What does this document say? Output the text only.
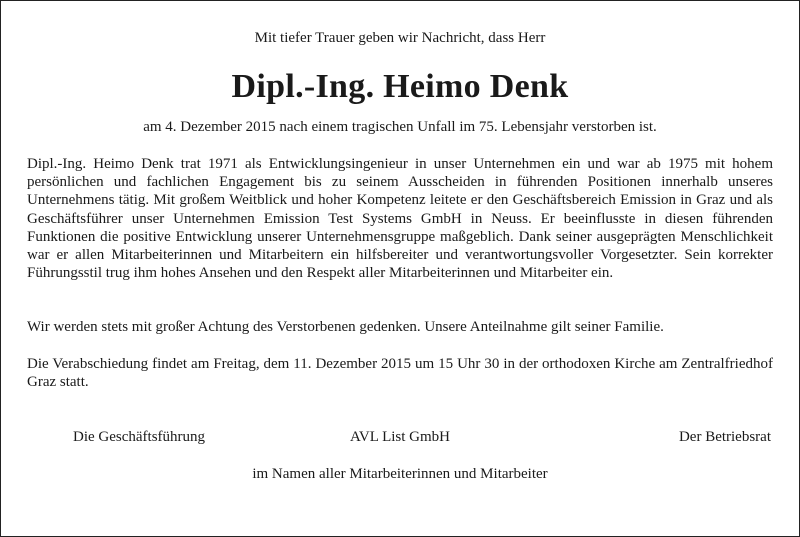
Mit tiefer Trauer geben wir Nachricht, dass Herr
Dipl.-Ing. Heimo Denk
am 4. Dezember 2015 nach einem tragischen Unfall im 75. Lebensjahr verstorben ist.

Dipl.-Ing. Heimo Denk trat 1971 als Entwicklungsingenieur in unser Unternehmen ein und war ab 1975 mit hohem persönlichen und fachlichen Engagement bis zu seinem Ausscheiden in führenden Positionen innerhalb unseres Unternehmens tätig. Mit großem Weitblick und hoher Kompetenz leitete er den Geschäftsbereich Emission in Graz und als Geschäftsführer unser Unternehmen Emission Test Systems GmbH in Neuss. Er beeinflusste in diesen führenden Funktionen die positive Entwicklung unserer Unternehmensgruppe maßgeblich. Dank seiner ausgeprägten Menschlichkeit war er allen Mitarbeiterinnen und Mitarbeitern ein hilfsbereiter und verantwortungsvoller Vorgesetzter. Sein korrekter Führungsstil trug ihm hohes Ansehen und den Respekt aller Mitarbeiterinnen und Mitarbeiter ein.

Wir werden stets mit großer Achtung des Verstorbenen gedenken. Unsere Anteilnahme gilt seiner Familie.

Die Verabschiedung findet am Freitag, dem 11. Dezember 2015 um 15 Uhr 30 in der orthodoxen Kirche am Zentralfriedhof Graz statt.

Die Geschäftsführung	AVL List GmbH	Der Betriebsrat
im Namen aller Mitarbeiterinnen und Mitarbeiter
